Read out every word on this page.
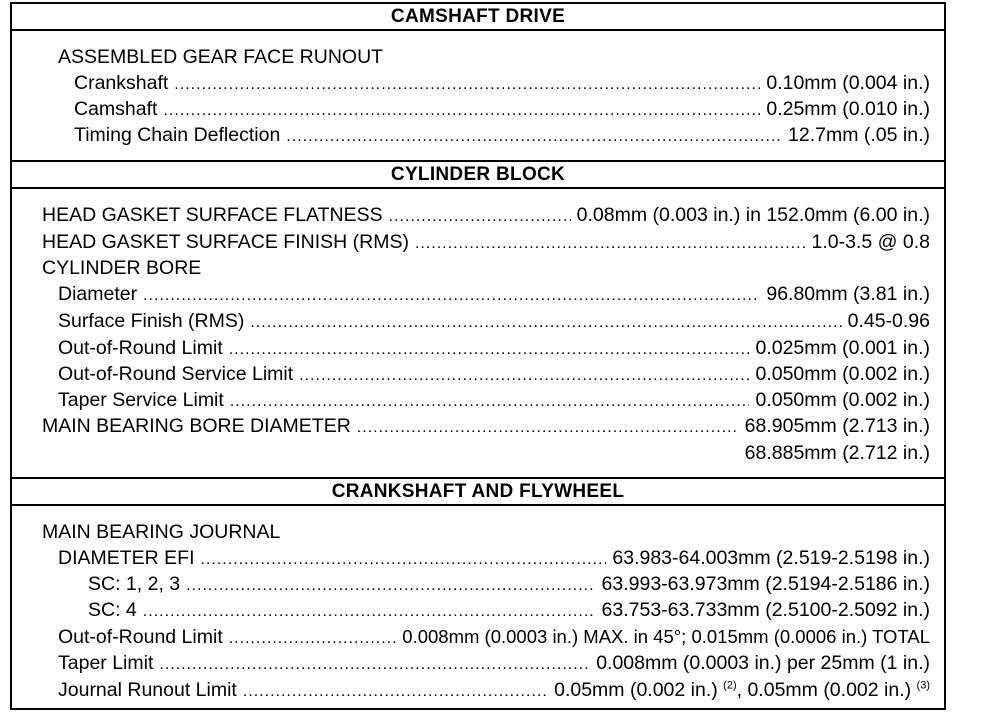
CAMSHAFT DRIVE
ASSEMBLED GEAR FACE RUNOUT
Crankshaft .....	0.10mm (0.004 in.)
Camshaft .....	0.25mm (0.010 in.)
Timing Chain Deflection .....	12.7mm (.05 in.)
CYLINDER BLOCK
HEAD GASKET SURFACE FLATNESS .....	0.08mm (0.003 in.) in 152.0mm (6.00 in.)
HEAD GASKET SURFACE FINISH (RMS) .....	1.0-3.5 @ 0.8
CYLINDER BORE
Diameter .....	96.80mm (3.81 in.)
Surface Finish (RMS) .....	0.45-0.96
Out-of-Round Limit .....	0.025mm (0.001 in.)
Out-of-Round Service Limit .....	0.050mm (0.002 in.)
Taper Service Limit .....	0.050mm (0.002 in.)
MAIN BEARING BORE DIAMETER .....	68.905mm (2.713 in.)
68.885mm (2.712 in.)
CRANKSHAFT AND FLYWHEEL
MAIN BEARING JOURNAL
DIAMETER EFI .....	63.983-64.003mm (2.519-2.5198 in.)
SC: 1, 2, 3 .....	63.993-63.973mm (2.5194-2.5186 in.)
SC: 4 .....	63.753-63.733mm (2.5100-2.5092 in.)
Out-of-Round Limit .....	0.008mm (0.0003 in.) MAX. in 45°; 0.015mm (0.0006 in.) TOTAL
Taper Limit .....	0.008mm (0.0003 in.) per 25mm (1 in.)
Journal Runout Limit .....	0.05mm (0.002 in.) $^{(2)}$, 0.05mm (0.002 in.) $^{(3)}$
